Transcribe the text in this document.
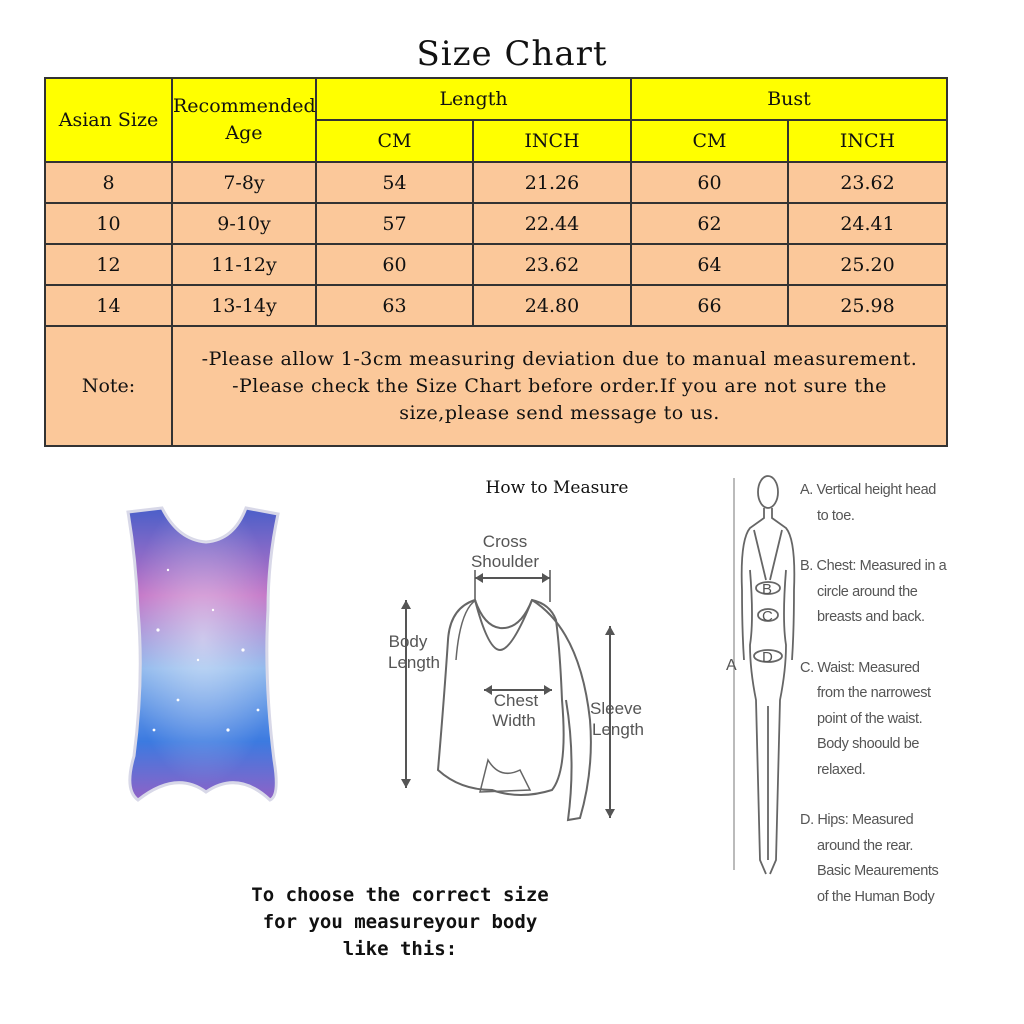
Size Chart
Asian Size	Recommended Age	Length		Bust	
		CM	INCH	CM	INCH
8	7-8y	54	21.26	60	23.62
10	9-10y	57	22.44	62	24.41
12	11-12y	60	23.62	64	25.20
14	13-14y	63	24.80	66	25.98
Note:	-Please allow 1-3cm measuring deviation due to manual measurement.
-Please check the Size Chart before order.If you are not sure the size,please send message to us.				
How to Measure
Cross
Shoulder
Body
Length
Chest
Width
Sleeve
Length
A
B
C
D

A. Vertical height head
to toe.

B. Chest: Measured in a
circle around the
breasts and back.

C. Waist: Measured
from the narrowest
point of the waist.
Body shoould be
relaxed.

D. Hips: Measured
around the rear.
Basic Meaurements
of the Human Body

To choose the correct size
for you measureyour body
like this:
